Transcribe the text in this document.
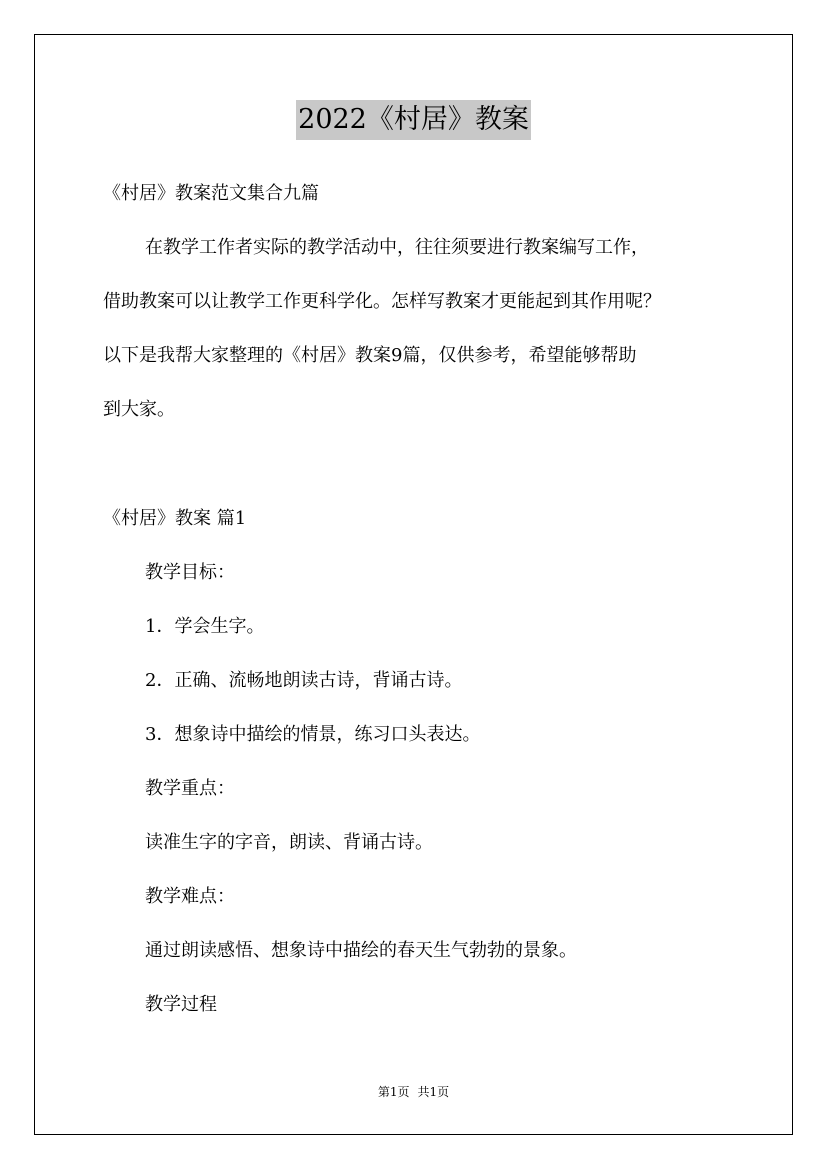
2022《村居》教案
《村居》教案范文集合九篇
在教学工作者实际的教学活动中，往往须要进行教案编写工作，
借助教案可以让教学工作更科学化。怎样写教案才更能起到其作用呢？
以下是我帮大家整理的《村居》教案9篇，仅供参考，希望能够帮助
到大家。
《村居》教案 篇1
教学目标：
1．学会生字。
2．正确、流畅地朗读古诗，背诵古诗。
3．想象诗中描绘的情景，练习口头表达。
教学重点：
读准生字的字音，朗读、背诵古诗。
教学难点：
通过朗读感悟、想象诗中描绘的春天生气勃勃的景象。
教学过程
第1页 共1页
